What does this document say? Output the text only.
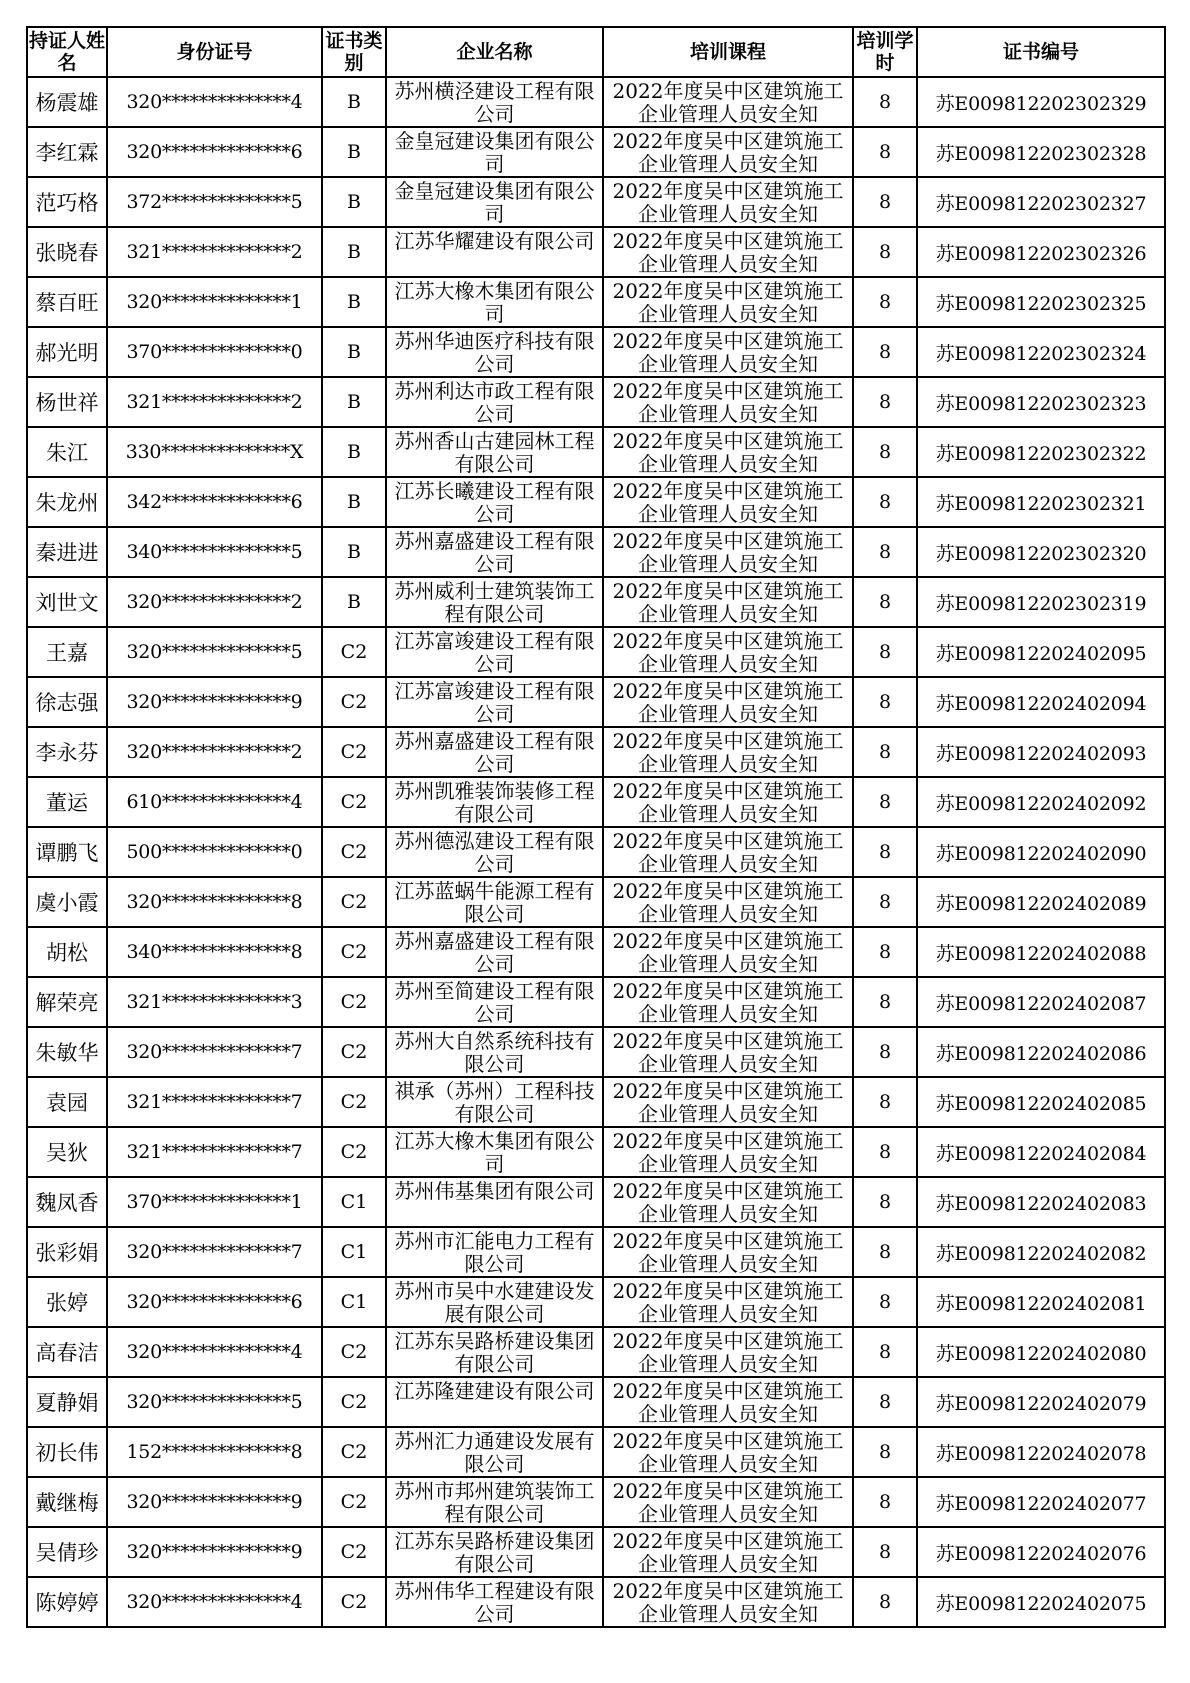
持证人姓名	身份证号	证书类别	企业名称	培训课程	培训学时	证书编号
杨震雄	320**************4	B	苏州横泾建设工程有限公司	2022年度吴中区建筑施工企业管理人员安全知	8	苏E009812202302329
李红霖	320**************6	B	金皇冠建设集团有限公司	2022年度吴中区建筑施工企业管理人员安全知	8	苏E009812202302328
范巧格	372**************5	B	金皇冠建设集团有限公司	2022年度吴中区建筑施工企业管理人员安全知	8	苏E009812202302327
张晓春	321**************2	B	江苏华耀建设有限公司	2022年度吴中区建筑施工企业管理人员安全知	8	苏E009812202302326
蔡百旺	320**************1	B	江苏大橡木集团有限公司	2022年度吴中区建筑施工企业管理人员安全知	8	苏E009812202302325
郝光明	370**************0	B	苏州华迪医疗科技有限公司	2022年度吴中区建筑施工企业管理人员安全知	8	苏E009812202302324
杨世祥	321**************2	B	苏州利达市政工程有限公司	2022年度吴中区建筑施工企业管理人员安全知	8	苏E009812202302323
朱江	330**************X	B	苏州香山古建园林工程有限公司	2022年度吴中区建筑施工企业管理人员安全知	8	苏E009812202302322
朱龙州	342**************6	B	江苏长曦建设工程有限公司	2022年度吴中区建筑施工企业管理人员安全知	8	苏E009812202302321
秦进进	340**************5	B	苏州嘉盛建设工程有限公司	2022年度吴中区建筑施工企业管理人员安全知	8	苏E009812202302320
刘世文	320**************2	B	苏州威利士建筑装饰工程有限公司	2022年度吴中区建筑施工企业管理人员安全知	8	苏E009812202302319
王嘉	320**************5	C2	江苏富竣建设工程有限公司	2022年度吴中区建筑施工企业管理人员安全知	8	苏E009812202402095
徐志强	320**************9	C2	江苏富竣建设工程有限公司	2022年度吴中区建筑施工企业管理人员安全知	8	苏E009812202402094
李永芬	320**************2	C2	苏州嘉盛建设工程有限公司	2022年度吴中区建筑施工企业管理人员安全知	8	苏E009812202402093
董运	610**************4	C2	苏州凯雅装饰装修工程有限公司	2022年度吴中区建筑施工企业管理人员安全知	8	苏E009812202402092
谭鹏飞	500**************0	C2	苏州德泓建设工程有限公司	2022年度吴中区建筑施工企业管理人员安全知	8	苏E009812202402090
虞小霞	320**************8	C2	江苏蓝蜗牛能源工程有限公司	2022年度吴中区建筑施工企业管理人员安全知	8	苏E009812202402089
胡松	340**************8	C2	苏州嘉盛建设工程有限公司	2022年度吴中区建筑施工企业管理人员安全知	8	苏E009812202402088
解荣亮	321**************3	C2	苏州至简建设工程有限公司	2022年度吴中区建筑施工企业管理人员安全知	8	苏E009812202402087
朱敏华	320**************7	C2	苏州大自然系统科技有限公司	2022年度吴中区建筑施工企业管理人员安全知	8	苏E009812202402086
袁园	321**************7	C2	祺承（苏州）工程科技有限公司	2022年度吴中区建筑施工企业管理人员安全知	8	苏E009812202402085
吴狄	321**************7	C2	江苏大橡木集团有限公司	2022年度吴中区建筑施工企业管理人员安全知	8	苏E009812202402084
魏凤香	370**************1	C1	苏州伟基集团有限公司	2022年度吴中区建筑施工企业管理人员安全知	8	苏E009812202402083
张彩娟	320**************7	C1	苏州市汇能电力工程有限公司	2022年度吴中区建筑施工企业管理人员安全知	8	苏E009812202402082
张婷	320**************6	C1	苏州市吴中水建建设发展有限公司	2022年度吴中区建筑施工企业管理人员安全知	8	苏E009812202402081
高春洁	320**************4	C2	江苏东吴路桥建设集团有限公司	2022年度吴中区建筑施工企业管理人员安全知	8	苏E009812202402080
夏静娟	320**************5	C2	江苏隆建建设有限公司	2022年度吴中区建筑施工企业管理人员安全知	8	苏E009812202402079
初长伟	152**************8	C2	苏州汇力通建设发展有限公司	2022年度吴中区建筑施工企业管理人员安全知	8	苏E009812202402078
戴继梅	320**************9	C2	苏州市邦州建筑装饰工程有限公司	2022年度吴中区建筑施工企业管理人员安全知	8	苏E009812202402077
吴倩珍	320**************9	C2	江苏东吴路桥建设集团有限公司	2022年度吴中区建筑施工企业管理人员安全知	8	苏E009812202402076
陈婷婷	320**************4	C2	苏州伟华工程建设有限公司	2022年度吴中区建筑施工企业管理人员安全知	8	苏E009812202402075
